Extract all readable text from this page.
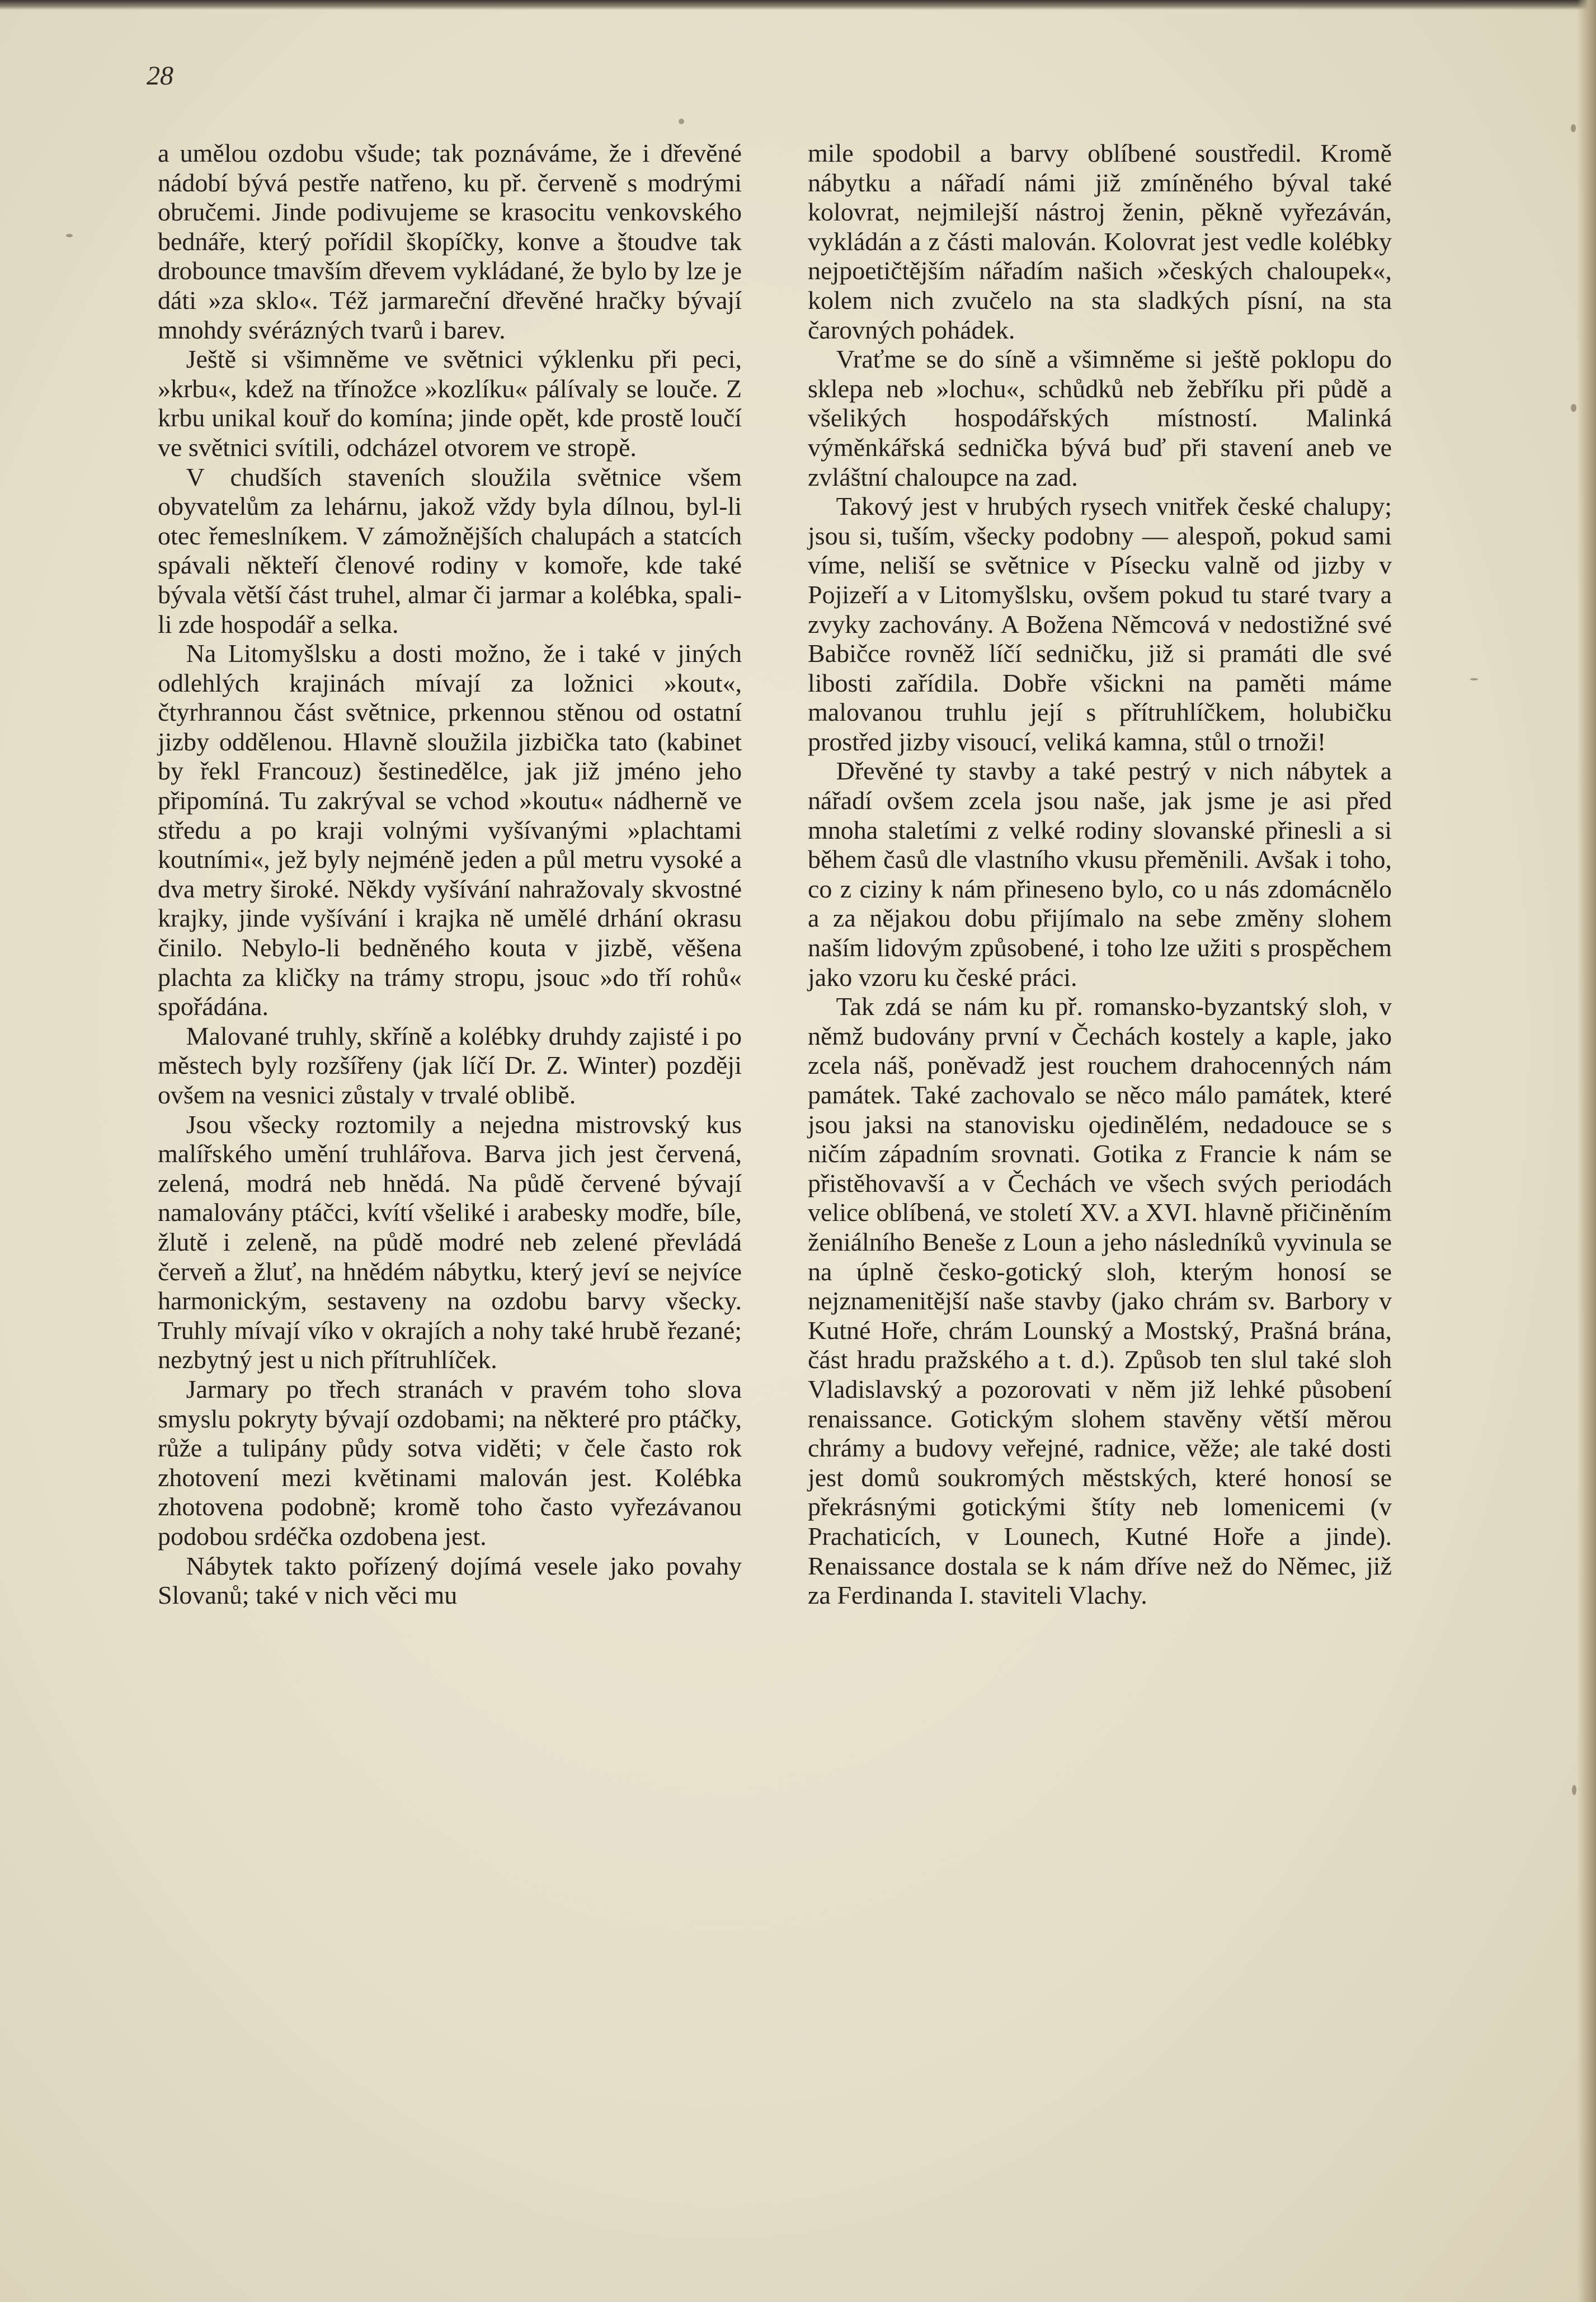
28

a umělou ozdobu všude; tak poznáváme, že i dřevěné nádobí bývá pestře natřeno, ku př. červeně s modrými obručemi. Jinde podivujeme se krasocitu venkovského bednáře, který pořídil škopíčky, konve a štoudve tak drobounce tmavším dřevem vykládané, že bylo by lze je dáti »za sklo«. Též jarmareční dřevěné hračky bývají mnohdy svérázných tvarů i barev.

Ještě si všimněme ve světnici výklenku při peci, »krbu«, kdež na třínožce »kozlíku« pálívaly se louče. Z krbu unikal kouř do komína; jinde opět, kde prostě loučí ve světnici svítili, odcházel otvorem ve stropě.

V chudších staveních sloužila světnice všem obyvatelům za lehárnu, jakož vždy byla dílnou, byl-li otec řemeslníkem. V zámožnějších chalupách a statcích spávali někteří členové rodiny v komoře, kde také bývala větší část truhel, almar či jarmar a kolébka, spali-li zde hospodář a selka.

Na Litomyšlsku a dosti možno, že i také v jiných odlehlých krajinách mívají za ložnici »kout«, čtyrhrannou část světnice, prkennou stěnou od ostatní jizby oddělenou. Hlavně sloužila jizbička tato (kabinet by řekl Francouz) šestinedělce, jak již jméno jeho připomíná. Tu zakrýval se vchod »koutu« nádherně ve středu a po kraji volnými vyšívanými »plachtami koutními«, jež byly nejméně jeden a půl metru vysoké a dva metry široké. Někdy vyšívání nahražovaly skvostné krajky, jinde vyšívání i krajka ně umělé drhání okrasu činilo. Nebylo-li bedněného kouta v jizbě, věšena plachta za kličky na trámy stropu, jsouc »do tří rohů« spořádána.

Malované truhly, skříně a kolébky druhdy zajisté i po městech byly rozšířeny (jak líčí Dr. Z. Winter) později ovšem na vesnici zůstaly v trvalé oblibě.

Jsou všecky roztomily a nejedna mistrovský kus malířského umění truhlářova. Barva jich jest červená, zelená, modrá neb hnědá. Na půdě červené bývají namalovány ptáčci, kvítí všeliké i arabesky modře, bíle, žlutě i zeleně, na půdě modré neb zelené převládá červeň a žluť, na hnědém nábytku, který jeví se nejvíce harmonickým, sestaveny na ozdobu barvy všecky. Truhly mívají víko v okrajích a nohy také hrubě řezané; nezbytný jest u nich přítruhlíček.

Jarmary po třech stranách v pravém toho slova smyslu pokryty bývají ozdobami; na některé pro ptáčky, růže a tulipány půdy sotva viděti; v čele často rok zhotovení mezi květinami malován jest. Kolébka zhotovena podobně; kromě toho často vyřezávanou podobou srdéčka ozdobena jest.

Nábytek takto pořízený dojímá vesele jako povahy Slovanů; také v nich věci mu

mile spodobil a barvy oblíbené soustředil. Kromě nábytku a nářadí námi již zmíněného býval také kolovrat, nejmilejší nástroj ženin, pěkně vyřezáván, vykládán a z části malován. Kolovrat jest vedle kolébky nejpoetičtějším nářadím našich »českých chaloupek«, kolem nich zvučelo na sta sladkých písní, na sta čarovných pohádek.

Vraťme se do síně a všimněme si ještě poklopu do sklepa neb »lochu«, schůdků neb žebříku při půdě a všelikých hospodářských místností. Malinká výměnkářská sednička bývá buď při stavení aneb ve zvláštní chaloupce na zad.

Takový jest v hrubých rysech vnitřek české chalupy; jsou si, tuším, všecky podobny — alespoň, pokud sami víme, neliší se světnice v Písecku valně od jizby v Pojizeří a v Litomyšlsku, ovšem pokud tu staré tvary a zvyky zachovány. A Božena Němcová v nedostižné své Babičce rovněž líčí sedničku, již si pramáti dle své libosti zařídila. Dobře všickni na paměti máme malovanou truhlu její s přítruhlíčkem, holubičku prostřed jizby visoucí, veliká kamna, stůl o trnoži!

Dřevěné ty stavby a také pestrý v nich nábytek a nářadí ovšem zcela jsou naše, jak jsme je asi před mnoha staletími z velké rodiny slovanské přinesli a si během časů dle vlastního vkusu přeměnili. Avšak i toho, co z ciziny k nám přineseno bylo, co u nás zdomácnělo a za nějakou dobu přijímalo na sebe změny slohem naším lidovým způsobené, i toho lze užiti s prospěchem jako vzoru ku české práci.

Tak zdá se nám ku př. romansko-byzantský sloh, v němž budovány první v Čechách kostely a kaple, jako zcela náš, poněvadž jest rouchem drahocenných nám památek. Také zachovalo se něco málo památek, které jsou jaksi na stanovisku ojedinělém, nedadouce se s ničím západním srovnati. Gotika z Francie k nám se přistěhovavší a v Čechách ve všech svých periodách velice oblíbená, ve století XV. a XVI. hlavně přičiněním ženiálního Beneše z Loun a jeho následníků vyvinula se na úplně česko-gotický sloh, kterým honosí se nejznamenitější naše stavby (jako chrám sv. Barbory v Kutné Hoře, chrám Lounský a Mostský, Prašná brána, část hradu pražského a t. d.). Způsob ten slul také sloh Vladislavský a pozorovati v něm již lehké působení renaissance. Gotickým slohem stavěny větší měrou chrámy a budovy veřejné, radnice, věže; ale také dosti jest domů soukromých městských, které honosí se překrásnými gotickými štíty neb lomenicemi (v Prachaticích, v Lounech, Kutné Hoře a jinde). Renaissance dostala se k nám dříve než do Němec, již za Ferdinanda I. staviteli Vlachy.
